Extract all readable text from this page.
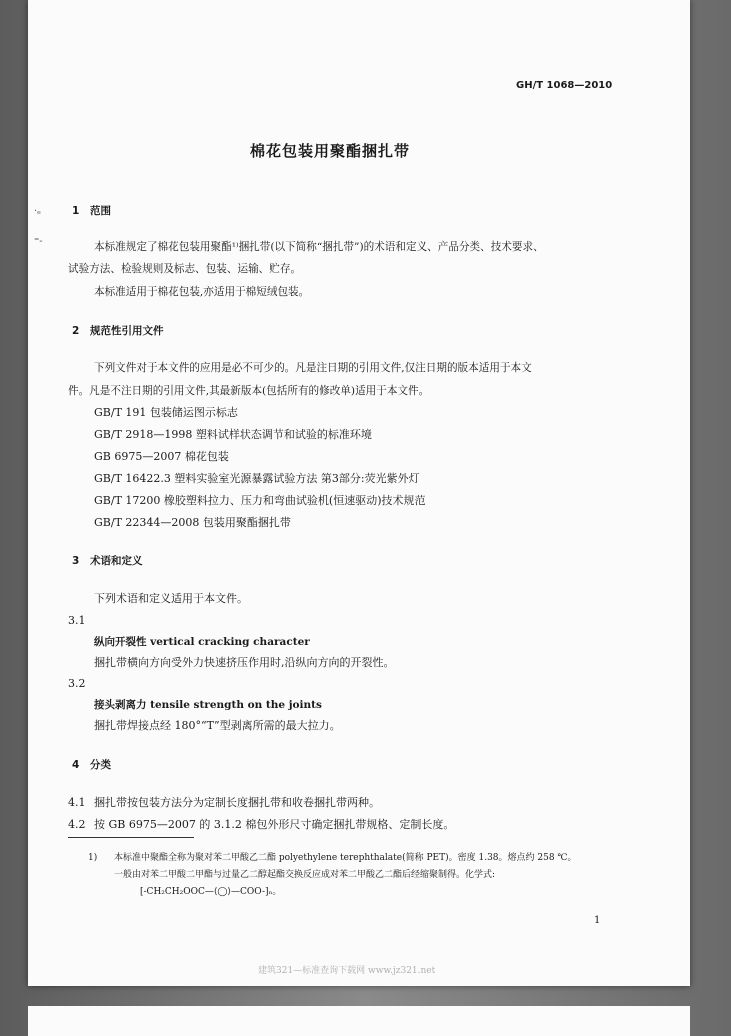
GH/T 1068—2010
棉花包装用聚酯捆扎带
·ₑ	1 范围
⁼‑	本标准规定了棉花包装用聚酯¹⁾捆扎带(以下简称“捆扎带”)的术语和定义、产品分类、技术要求、
试验方法、检验规则及标志、包装、运输、贮存。
本标准适用于棉花包装,亦适用于棉短绒包装。
2 规范性引用文件
下列文件对于本文件的应用是必不可少的。凡是注日期的引用文件,仅注日期的版本适用于本文
件。凡是不注日期的引用文件,其最新版本(包括所有的修改单)适用于本文件。
GB/T 191 包装储运图示标志
GB/T 2918—1998 塑料试样状态调节和试验的标准环境
GB 6975—2007 棉花包装
GB/T 16422.3 塑料实验室光源暴露试验方法 第3部分:荧光紫外灯
GB/T 17200 橡胶塑料拉力、压力和弯曲试验机(恒速驱动)技术规范
GB/T 22344—2008 包装用聚酯捆扎带
3 术语和定义
下列术语和定义适用于本文件。
3.1
纵向开裂性 vertical cracking character
捆扎带横向方向受外力快速挤压作用时,沿纵向方向的开裂性。
3.2
接头剥离力 tensile strength on the joints
捆扎带焊接点经 180°“T”型剥离所需的最大拉力。
4 分类
4.1 捆扎带按包装方法分为定制长度捆扎带和收卷捆扎带两种。
4.2 按 GB 6975—2007 的 3.1.2 棉包外形尺寸确定捆扎带规格、定制长度。
1) 本标准中聚酯全称为聚对苯二甲酸乙二酯 polyethylene terephthalate(简称 PET)。密度 1.38。熔点约 258 ℃。
一般由对苯二甲酸二甲酯与过量乙二醇起酯交换反应成对苯二甲酸乙二酯后经缩聚制得。化学式:
[-CH₂CH₂OOC—⟨◯⟩—COO-]ₙ。
1
建筑321—标准查询下载网 www.jz321.net
